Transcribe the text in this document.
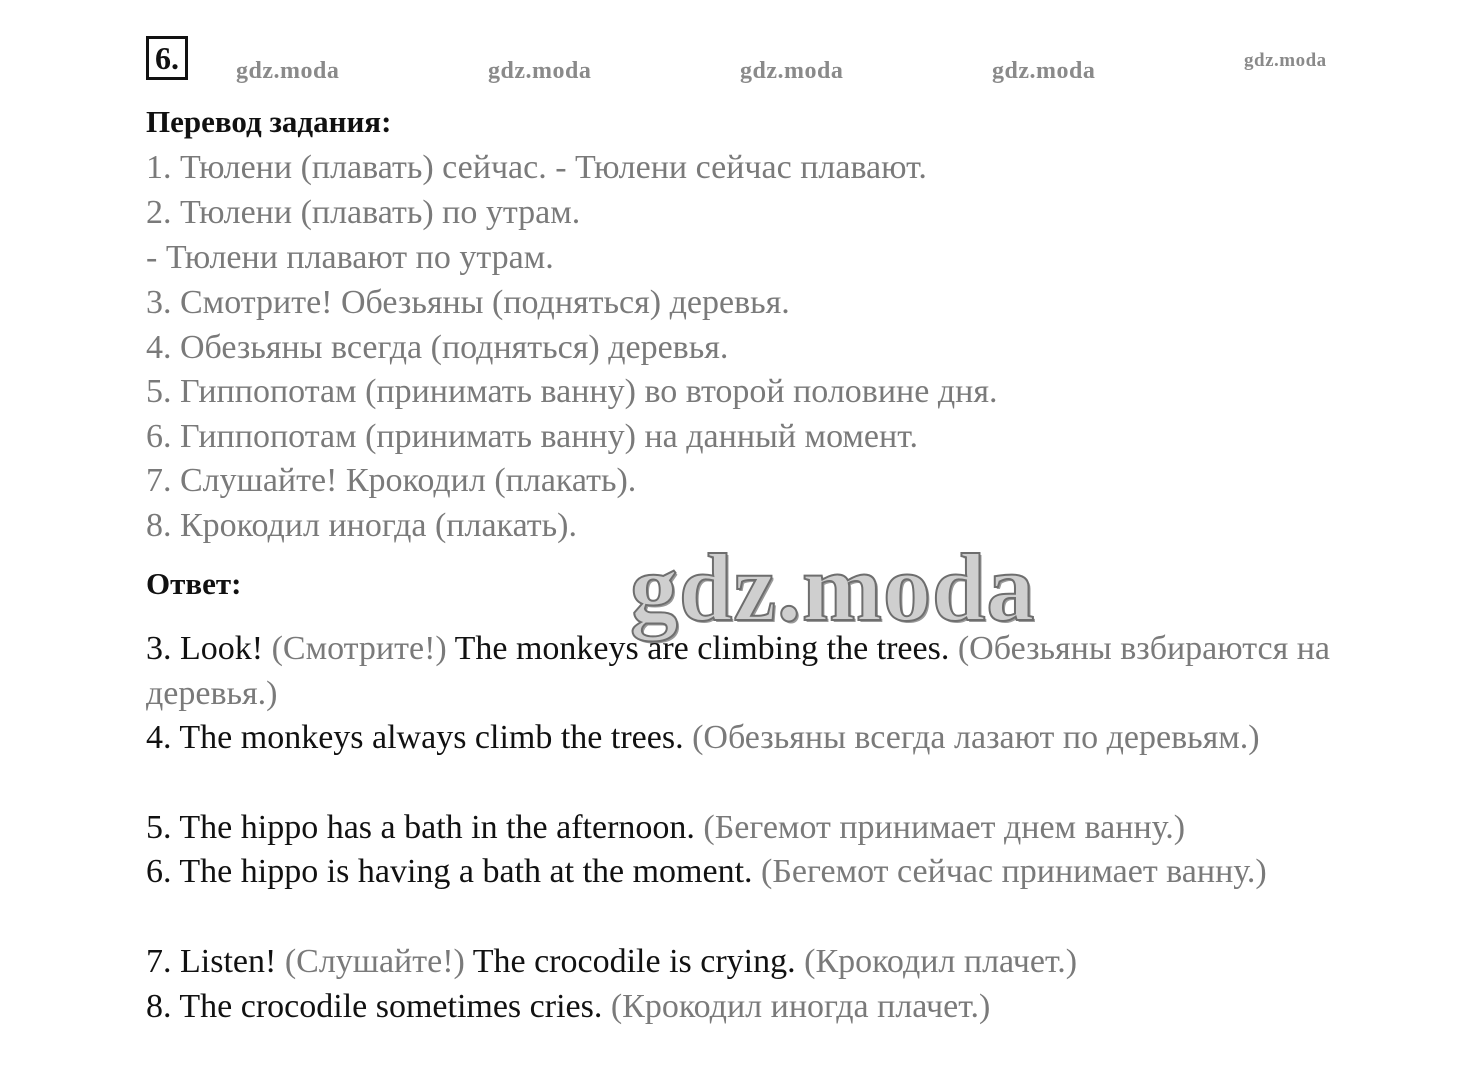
6.	gdz.moda	gdz.moda	gdz.moda	gdz.moda	gdz.moda
Перевод задания:
1. Тюлени (плавать) сейчас. - Тюлени сейчас плавают.
2. Тюлени (плавать) по утрам.
- Тюлени плавают по утрам.
3. Смотрите! Обезьяны (подняться) деревья.
4. Обезьяны всегда (подняться) деревья.
5. Гиппопотам (принимать ванну) во второй половине дня.
6. Гиппопотам (принимать ванну) на данный момент.
7. Слушайте! Крокодил (плакать).
8. Крокодил иногда (плакать).
Ответ:	gdz.moda
3. Look! (Смотрите!) The monkeys are climbing the trees. (Обезьяны взбираются на деревья.)
4. The monkeys always climb the trees. (Обезьяны всегда лазают по деревьям.)
5. The hippo has a bath in the afternoon. (Бегемот принимает днем ванну.)
6. The hippo is having a bath at the moment. (Бегемот сейчас принимает ванну.)
7. Listen! (Слушайте!) The crocodile is crying. (Крокодил плачет.)
8. The crocodile sometimes cries. (Крокодил иногда плачет.)
